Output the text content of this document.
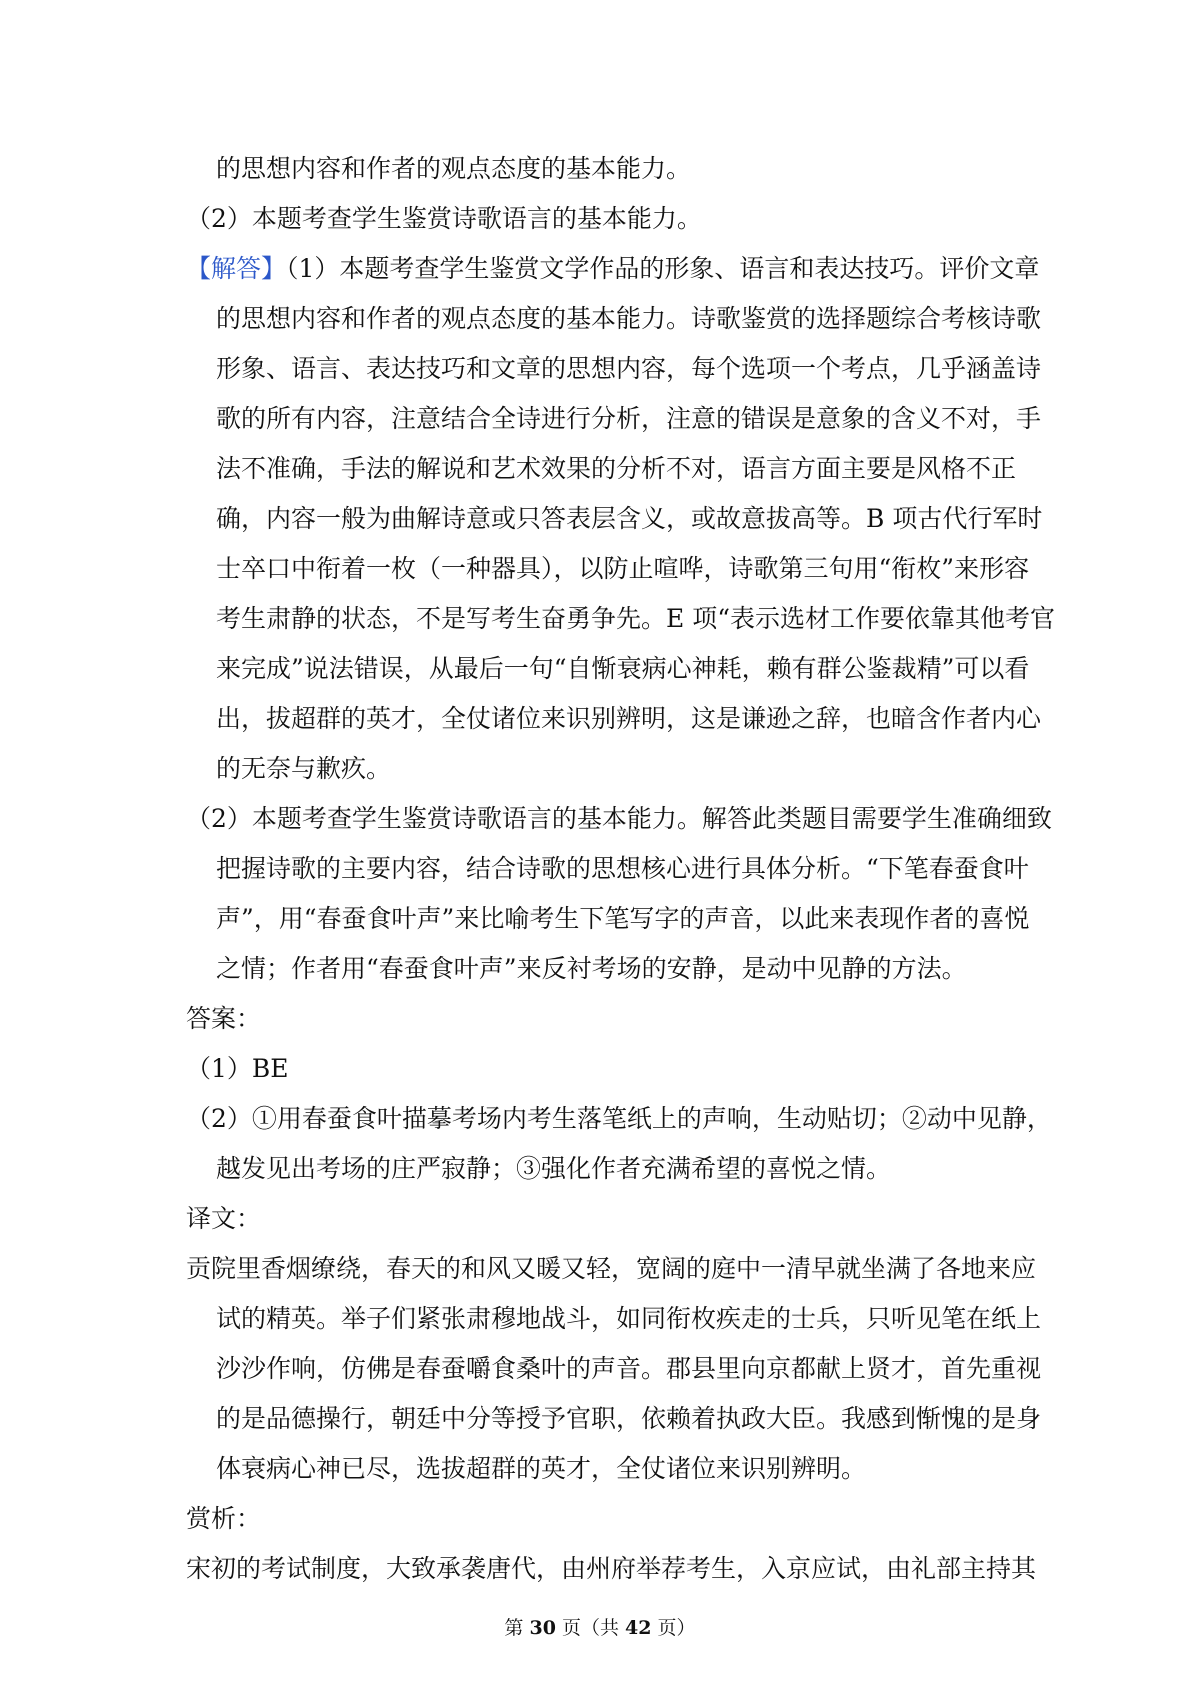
的思想内容和作者的观点态度的基本能力。
（2）本题考查学生鉴赏诗歌语言的基本能力。
【解答】（1）本题考查学生鉴赏文学作品的形象、语言和表达技巧。评价文章
的思想内容和作者的观点态度的基本能力。诗歌鉴赏的选择题综合考核诗歌
形象、语言、表达技巧和文章的思想内容，每个选项一个考点，几乎涵盖诗
歌的所有内容，注意结合全诗进行分析，注意的错误是意象的含义不对，手
法不准确，手法的解说和艺术效果的分析不对，语言方面主要是风格不正
确，内容一般为曲解诗意或只答表层含义，或故意拔高等。B 项古代行军时
士卒口中衔着一枚（一种器具），以防止喧哗，诗歌第三句用“衔枚”来形容
考生肃静的状态，不是写考生奋勇争先。E 项“表示选材工作要依靠其他考官
来完成”说法错误，从最后一句“自惭衰病心神耗，赖有群公鉴裁精”可以看
出，拔超群的英才，全仗诸位来识别辨明，这是谦逊之辞，也暗含作者内心
的无奈与歉疚。
（2）本题考查学生鉴赏诗歌语言的基本能力。解答此类题目需要学生准确细致
把握诗歌的主要内容，结合诗歌的思想核心进行具体分析。“下笔春蚕食叶
声”，用“春蚕食叶声”来比喻考生下笔写字的声音，以此来表现作者的喜悦
之情；作者用“春蚕食叶声”来反衬考场的安静，是动中见静的方法。
答案：
（1）BE
（2）①用春蚕食叶描摹考场内考生落笔纸上的声响，生动贴切；②动中见静，
越发见出考场的庄严寂静；③强化作者充满希望的喜悦之情。
译文：
贡院里香烟缭绕，春天的和风又暖又轻，宽阔的庭中一清早就坐满了各地来应
试的精英。举子们紧张肃穆地战斗，如同衔枚疾走的士兵，只听见笔在纸上
沙沙作响，仿佛是春蚕嚼食桑叶的声音。郡县里向京都献上贤才，首先重视
的是品德操行，朝廷中分等授予官职，依赖着执政大臣。我感到惭愧的是身
体衰病心神已尽，选拔超群的英才，全仗诸位来识别辨明。
赏析：
宋初的考试制度，大致承袭唐代，由州府举荐考生，入京应试，由礼部主持其
第 30 页（共 42 页）
